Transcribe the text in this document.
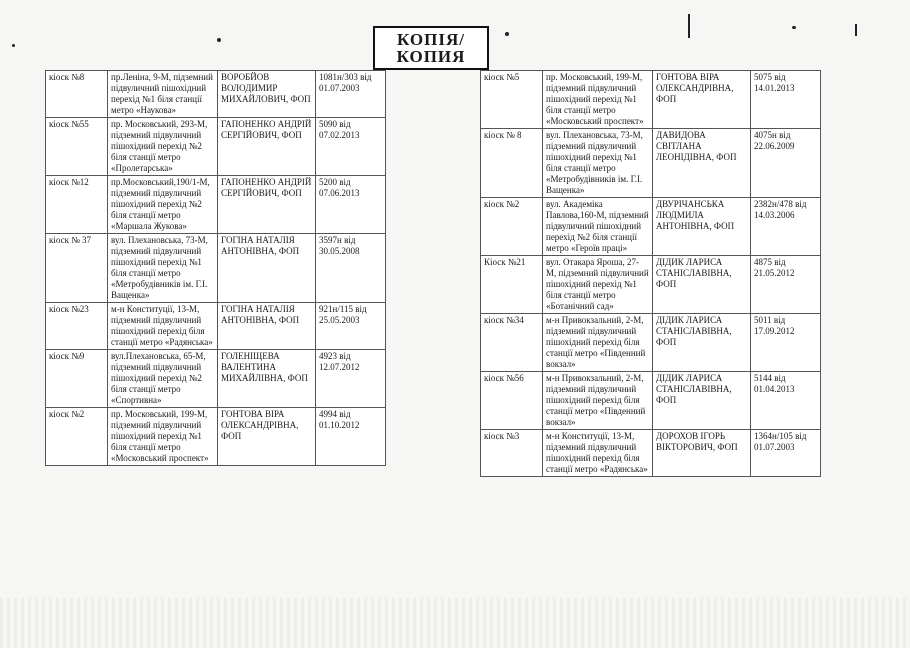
КОПІЯ/
КОПИЯ
кіоск №8	пр.Леніна, 9-М, підземний підвуличний пішохідний перехід №1 біля станції метро «Наукова»	ВОРОБЙОВ ВОЛОДИМИР МИХАЙЛОВИЧ, ФОП	1081н/303 від 01.07.2003
кіоск №55	пр. Московський, 293-М, підземний підвуличний пішохідний перехід №2 біля станції метро «Пролетарська»	ГАПОНЕНКО АНДРІЙ СЕРГІЙОВИЧ, ФОП	5090 від 07.02.2013
кіоск №12	пр.Московський,190/1-М, підземний підвуличний пішохідний перехід №2 біля станції метро «Маршала Жукова»	ГАПОНЕНКО АНДРІЙ СЕРГІЙОВИЧ, ФОП	5200 від 07.06.2013
кіоск № 37	вул. Плехановська, 73-М, підземний підвуличний пішохідний перехід №1 біля станції метро «Метробудівників ім. Г.І. Ващенка»	ГОГІНА НАТАЛІЯ АНТОНІВНА, ФОП	3597н від 30.05.2008
кіоск №23	м-н Конституції, 13-М, підземний підвуличний пішохідний перехід біля станції метро «Радянська»	ГОГІНА НАТАЛІЯ АНТОНІВНА, ФОП	921н/115 від 25.05.2003
кіоск №9	вул.Плехановська, 65-М, підземний підвуличний пішохідний перехід №2 біля станції метро «Спортивна»	ГОЛЕНІЩЕВА ВАЛЕНТИНА МИХАЙЛІВНА, ФОП	4923 від 12.07.2012
кіоск №2	пр. Московський, 199-М, підземний підвуличний пішохідний перехід №1 біля станції метро «Московський проспект»	ГОНТОВА ВІРА ОЛЕКСАНДРІВНА, ФОП	4994 від 01.10.2012
кіоск №5	пр. Московський, 199-М, підземний підвуличний пішохідний перехід №1 біля станції метро «Московський проспект»	ГОНТОВА ВІРА ОЛЕКСАНДРІВНА, ФОП	5075 від 14.01.2013
кіоск № 8	вул. Плехановська, 73-М, підземний підвуличний пішохідний перехід №1 біля станції метро «Метробудівників ім. Г.І. Ващенка»	ДАВИДОВА СВІТЛАНА ЛЕОНІДІВНА, ФОП	4075н від 22.06.2009
кіоск №2	вул. Академіка Павлова,160-М, підземний підвуличний пішохідний перехід №2 біля станції метро «Героїв праці»	ДВУРІЧАНСЬКА ЛЮДМИЛА АНТОНІВНА, ФОП	2382н/478 від 14.03.2006
Кіоск №21	вул. Отакара Яроша, 27-М, підземний підвуличний пішохідний перехід №1 біля станції метро «Ботанічний сад»	ДІДИК ЛАРИСА СТАНІСЛАВІВНА, ФОП	4875 від 21.05.2012
кіоск №34	м-н Привокзальний, 2-М, підземний підвуличний пішохідний перехід біля станції метро «Південний вокзал»	ДІДИК ЛАРИСА СТАНІСЛАВІВНА, ФОП	5011 від 17.09.2012
кіоск №56	м-н Привокзальний, 2-М, підземний підвуличний пішохідний перехід біля станції метро «Південний вокзал»	ДІДИК ЛАРИСА СТАНІСЛАВІВНА, ФОП	5144 від 01.04.2013
кіоск №3	м-н Конституції, 13-М, підземний підвуличний пішохідний перехід біля станції метро «Радянська»	ДОРОХОВ ІГОРЬ ВІКТОРОВИЧ, ФОП	1364н/105 від 01.07.2003
